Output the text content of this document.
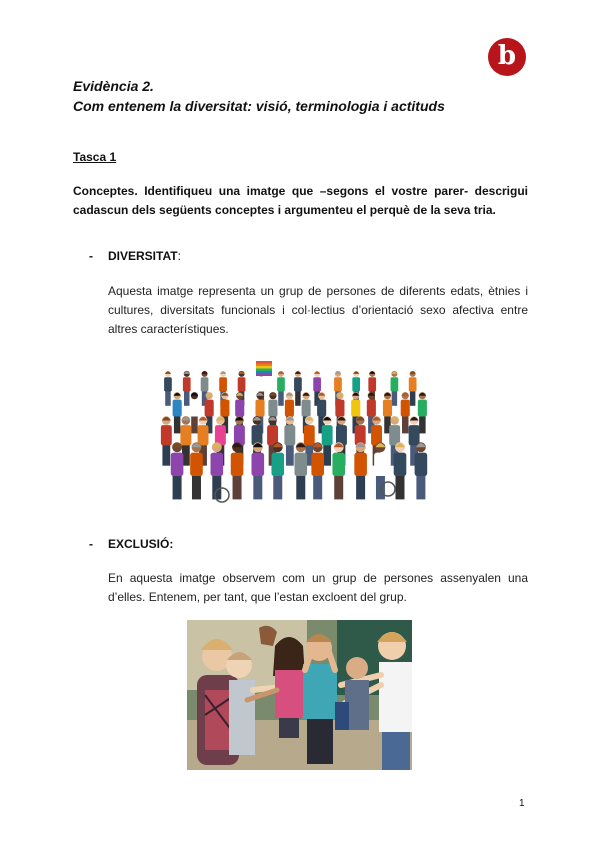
b
Evidència 2.
Com entenem la diversitat: visió, terminologia i actituds
Tasca 1
Conceptes. Identifiqueu una imatge que –segons el vostre parer- descrigui cadascun dels següents conceptes i argumenteu el perquè de la seva tria.
- DIVERSITAT:
Aquesta imatge representa un grup de persones de diferents edats, ètnies i cultures, diversitats funcionals i col·lectius d’orientació sexo afectiva entre altres característiques.
- EXCLUSIÓ:
En aquesta imatge observem com un grup de persones assenyalen una d’elles. Entenem, per tant, que l’estan excloent del grup.
1
